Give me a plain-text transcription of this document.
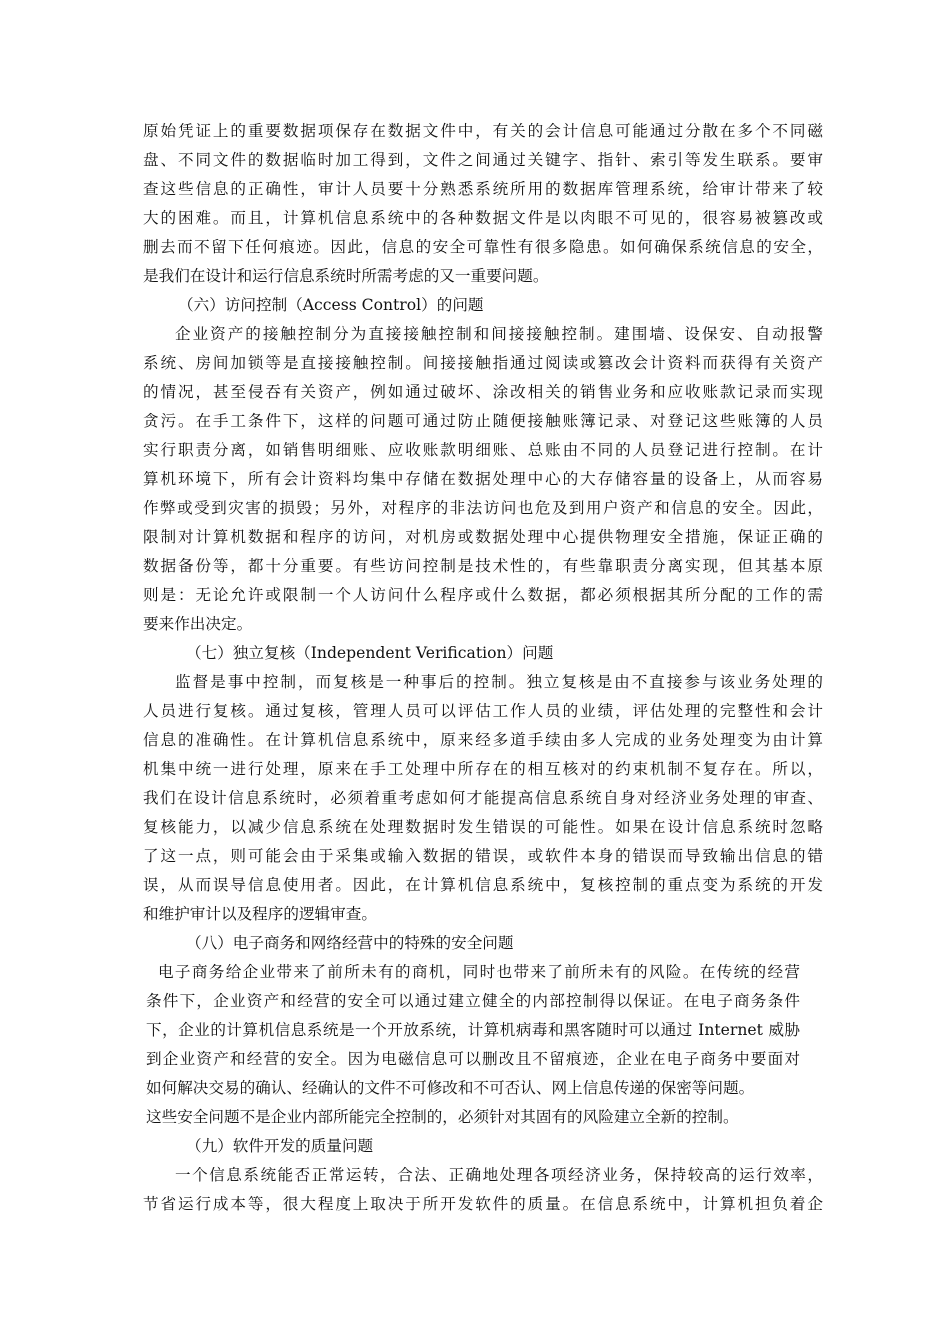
原始凭证上的重要数据项保存在数据文件中，有关的会计信息可能通过分散在多个不同磁
盘、不同文件的数据临时加工得到，文件之间通过关键字、指针、索引等发生联系。要审
查这些信息的正确性，审计人员要十分熟悉系统所用的数据库管理系统，给审计带来了较
大的困难。而且，计算机信息系统中的各种数据文件是以肉眼不可见的，很容易被篡改或
删去而不留下任何痕迹。因此，信息的安全可靠性有很多隐患。如何确保系统信息的安全，
是我们在设计和运行信息系统时所需考虑的又一重要问题。
（六）访问控制（Access Control）的问题
企业资产的接触控制分为直接接触控制和间接接触控制。建围墙、设保安、自动报警
系统、房间加锁等是直接接触控制。间接接触指通过阅读或篡改会计资料而获得有关资产
的情况，甚至侵吞有关资产，例如通过破坏、涂改相关的销售业务和应收账款记录而实现
贪污。在手工条件下，这样的问题可通过防止随便接触账簿记录、对登记这些账簿的人员
实行职责分离，如销售明细账、应收账款明细账、总账由不同的人员登记进行控制。在计
算机环境下，所有会计资料均集中存储在数据处理中心的大存储容量的设备上，从而容易
作弊或受到灾害的损毁；另外，对程序的非法访问也危及到用户资产和信息的安全。因此，
限制对计算机数据和程序的访问，对机房或数据处理中心提供物理安全措施，保证正确的
数据备份等，都十分重要。有些访问控制是技术性的，有些靠职责分离实现，但其基本原
则是：无论允许或限制一个人访问什么程序或什么数据，都必须根据其所分配的工作的需
要来作出决定。
（七）独立复核（Independent Verification）问题
监督是事中控制，而复核是一种事后的控制。独立复核是由不直接参与该业务处理的
人员进行复核。通过复核，管理人员可以评估工作人员的业绩，评估处理的完整性和会计
信息的准确性。在计算机信息系统中，原来经多道手续由多人完成的业务处理变为由计算
机集中统一进行处理，原来在手工处理中所存在的相互核对的约束机制不复存在。所以，
我们在设计信息系统时，必须着重考虑如何才能提高信息系统自身对经济业务处理的审查、
复核能力，以减少信息系统在处理数据时发生错误的可能性。如果在设计信息系统时忽略
了这一点，则可能会由于采集或输入数据的错误，或软件本身的错误而导致输出信息的错
误，从而误导信息使用者。因此，在计算机信息系统中，复核控制的重点变为系统的开发
和维护审计以及程序的逻辑审查。
（八）电子商务和网络经营中的特殊的安全问题
电子商务给企业带来了前所未有的商机，同时也带来了前所未有的风险。在传统的经营
条件下，企业资产和经营的安全可以通过建立健全的内部控制得以保证。在电子商务条件
下，企业的计算机信息系统是一个开放系统，计算机病毒和黑客随时可以通过 Internet 威胁
到企业资产和经营的安全。因为电磁信息可以删改且不留痕迹，企业在电子商务中要面对
如何解决交易的确认、经确认的文件不可修改和不可否认、网上信息传递的保密等问题。
这些安全问题不是企业内部所能完全控制的，必须针对其固有的风险建立全新的控制。
（九）软件开发的质量问题
一个信息系统能否正常运转，合法、正确地处理各项经济业务，保持较高的运行效率，
节省运行成本等，很大程度上取决于所开发软件的质量。在信息系统中，计算机担负着企
